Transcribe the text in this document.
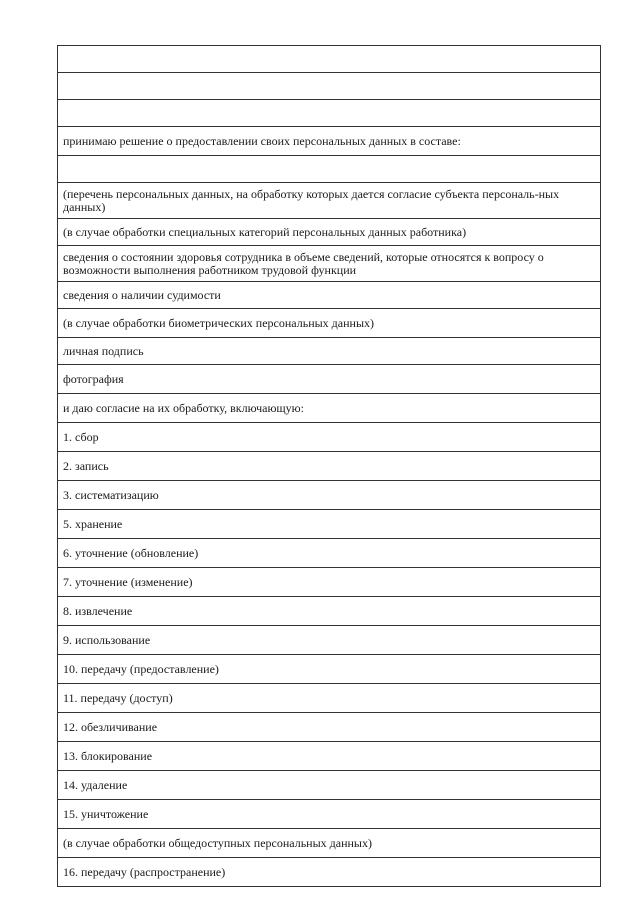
принимаю решение о предоставлении своих персональных данных в составе:

(перечень персональных данных, на обработку которых дается согласие субъекта персональ-ных данных)
(в случае обработки специальных категорий персональных данных работника)
сведения о состоянии здоровья сотрудника в объеме сведений, которые относятся к вопросу о возможности выполнения работником трудовой функции
сведения о наличии судимости
(в случае обработки биометрических персональных данных)
личная подпись
фотография
и даю согласие на их обработку, включающую:
1. сбор
2. запись
3. систематизацию
5. хранение
6. уточнение (обновление)
7. уточнение (изменение)
8. извлечение
9. использование
10. передачу (предоставление)
11. передачу (доступ)
12. обезличивание
13. блокирование
14. удаление
15. уничтожение
(в случае обработки общедоступных персональных данных)
16. передачу (распространение)
